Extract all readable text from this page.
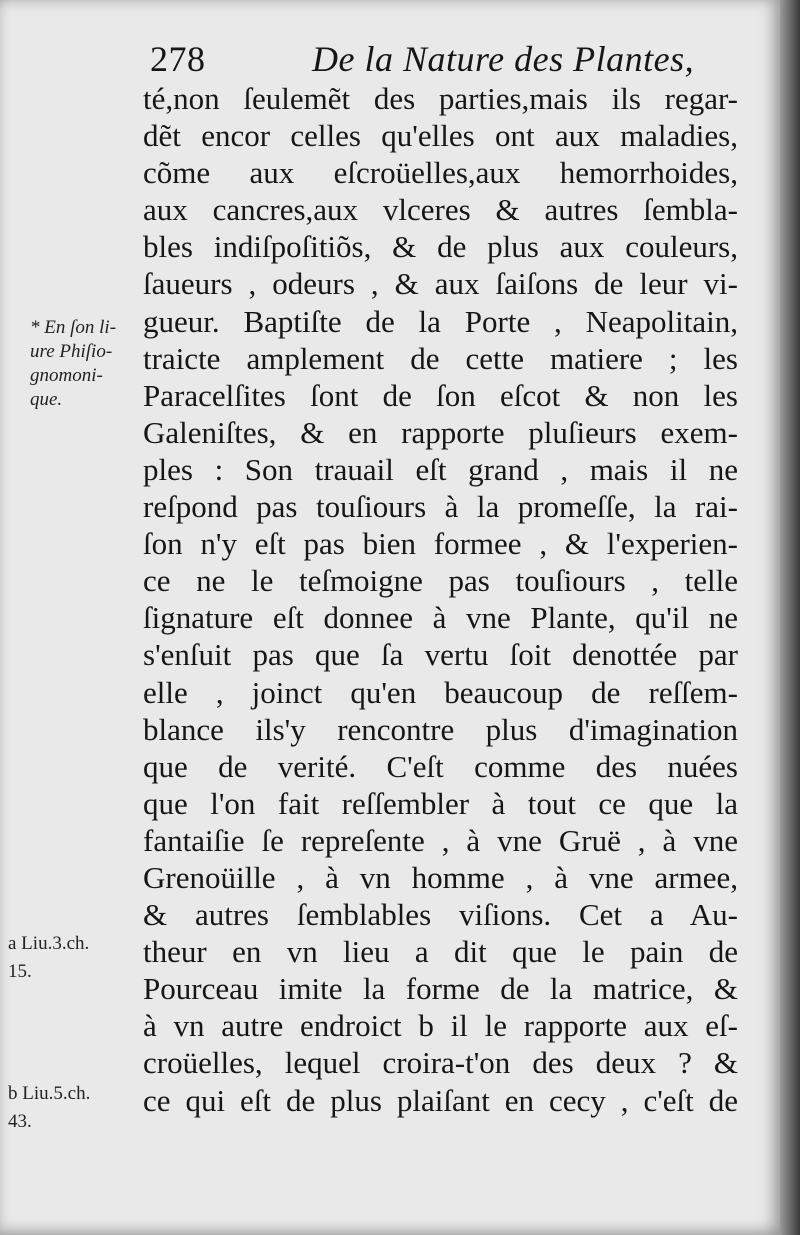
278	De la Nature des Plantes,
* En ſon li-
ure Phiſio-
gnomoni-
que.
a Liu.3.ch.
15.
b Liu.5.ch.
43.
té,non ſeulemẽt des parties,mais ils regar-
dẽt encor celles qu'elles ont aux maladies,
cõme aux eſcroüelles,aux hemorrhoides,
aux cancres,aux vlceres & autres ſembla-
bles indiſpoſitiõs, & de plus aux couleurs,
ſaueurs , odeurs , & aux ſaiſons de leur vi-
gueur. Baptiſte de la Porte , Neapolitain,
traicte amplement de cette matiere ; les
Paracelſites ſont de ſon eſcot & non les
Galeniſtes, & en rapporte pluſieurs exem-
ples : Son trauail eſt grand , mais il ne
reſpond pas touſiours à la promeſſe, la rai-
ſon n'y eſt pas bien formee , & l'experien-
ce ne le teſmoigne pas touſiours , telle
ſignature eſt donnee à vne Plante, qu'il ne
s'enſuit pas que ſa vertu ſoit denottée par
elle , joinct qu'en beaucoup de reſſem-
blance ils'y rencontre plus d'imagination
que de verité. C'eſt comme des nuées
que l'on fait reſſembler à tout ce que la
fantaiſie ſe repreſente , à vne Gruë , à vne
Grenoüille , à vn homme , à vne armee,
& autres ſemblables viſions. Cet a Au-
theur en vn lieu a dit que le pain de
Pourceau imite la forme de la matrice, &
à vn autre endroict b il le rapporte aux eſ-
croüelles, lequel croira-t'on des deux ? &
ce qui eſt de plus plaiſant en cecy , c'eſt de
